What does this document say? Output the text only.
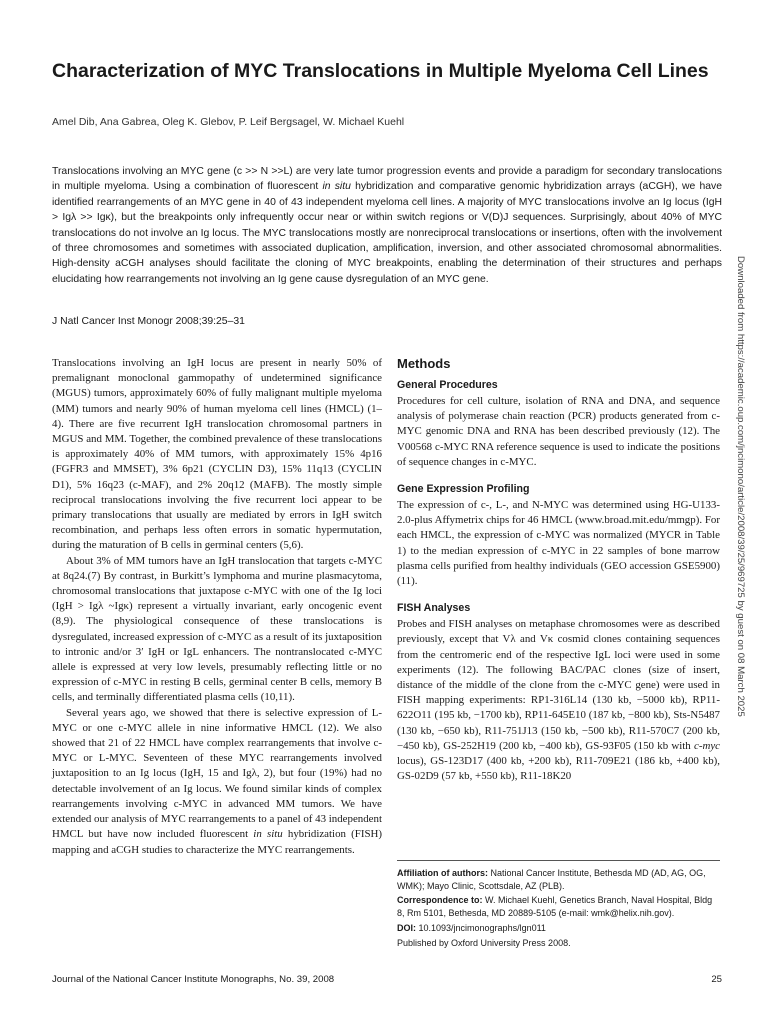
Characterization of MYC Translocations in Multiple Myeloma Cell Lines
Amel Dib, Ana Gabrea, Oleg K. Glebov, P. Leif Bergsagel, W. Michael Kuehl

Translocations involving an MYC gene (c >> N >>L) are very late tumor progression events and provide a paradigm for secondary translocations in multiple myeloma. Using a combination of fluorescent in situ hybridization and comparative genomic hybridization arrays (aCGH), we have identified rearrangements of an MYC gene in 40 of 43 independent myeloma cell lines. A majority of MYC translocations involve an Ig locus (IgH > Igλ >> Igκ), but the breakpoints only infrequently occur near or within switch regions or V(D)J sequences. Surprisingly, about 40% of MYC translocations do not involve an Ig locus. The MYC translocations mostly are nonreciprocal translocations or insertions, often with the involvement of three chromosomes and sometimes with associated duplication, amplification, inversion, and other associated chromosomal abnormalities. High-density aCGH analyses should facilitate the cloning of MYC breakpoints, enabling the determination of their structures and perhaps elucidating how rearrangements not involving an Ig gene cause dysregulation of an MYC gene.

J Natl Cancer Inst Monogr 2008;39:25–31

Translocations involving an IgH locus are present in nearly 50% of premalignant monoclonal gammopathy of undetermined significance (MGUS) tumors, approximately 60% of fully malignant multiple myeloma (MM) tumors and nearly 90% of human myeloma cell lines (HMCL) (1–4). There are five recurrent IgH translocation chromosomal partners in MGUS and MM. Together, the combined prevalence of these translocations is approximately 40% of MM tumors, with approximately 15% 4p16 (FGFR3 and MMSET), 3% 6p21 (CYCLIN D3), 15% 11q13 (CYCLIN D1), 5% 16q23 (c-MAF), and 2% 20q12 (MAFB). The mostly simple reciprocal translocations involving the five recurrent loci appear to be primary translocations that usually are mediated by errors in IgH switch recombination, and perhaps less often errors in somatic hypermutation, during the maturation of B cells in germinal centers (5,6).

About 3% of MM tumors have an IgH translocation that targets c-MYC at 8q24.(7) By contrast, in Burkitt’s lymphoma and murine plasmacytoma, chromosomal translocations that juxtapose c-MYC with one of the Ig loci (IgH > Igλ ~Igκ) represent a virtually invariant, early oncogenic event (8,9). The physiological consequence of these translocations is dysregulated, increased expression of c-MYC as a result of its juxtaposition to intronic and/or 3′ IgH or IgL enhancers. The nontranslocated c-MYC allele is expressed at very low levels, presumably reflecting little or no expression of c-MYC in resting B cells, germinal center B cells, memory B cells, and terminally differentiated plasma cells (10,11).

Several years ago, we showed that there is selective expression of L-MYC or one c-MYC allele in nine informative HMCL (12). We also showed that 21 of 22 HMCL have complex rearrangements that involve c-MYC or L-MYC. Seventeen of these MYC rearrangements involved juxtaposition to an Ig locus (IgH, 15 and Igλ, 2), but four (19%) had no detectable involvement of an Ig locus. We found similar kinds of complex rearrangements involving c-MYC in advanced MM tumors. We have extended our analysis of MYC rearrangements to a panel of 43 independent HMCL but have now included fluorescent in situ hybridization (FISH) mapping and aCGH studies to characterize the MYC rearrangements.

Methods
General Procedures

Procedures for cell culture, isolation of RNA and DNA, and sequence analysis of polymerase chain reaction (PCR) products generated from c-MYC genomic DNA and RNA has been described previously (12). The V00568 c-MYC RNA reference sequence is used to indicate the positions of sequence changes in c-MYC.

Gene Expression Profiling

The expression of c-, L-, and N-MYC was determined using HG-U133-2.0-plus Affymetrix chips for 46 HMCL (www.broad.mit.edu/mmgp). For each HMCL, the expression of c-MYC was normalized (MYCR in Table 1) to the median expression of c-MYC in 22 samples of bone marrow plasma cells purified from healthy individuals (GEO accession GSE5900) (11).

FISH Analyses

Probes and FISH analyses on metaphase chromosomes were as described previously, except that Vλ and Vκ cosmid clones containing sequences from the centromeric end of the respective IgL loci were used in some experiments (12). The following BAC/PAC clones (size of insert, distance of the middle of the clone from the c-MYC gene) were used in FISH mapping experiments: RP1-316L14 (130 kb, −5000 kb), RP11-622O11 (195 kb, −1700 kb), RP11-645E10 (187 kb, −800 kb), Sts-N5487 (130 kb, −650 kb), R11-751J13 (150 kb, −500 kb), R11-570C7 (200 kb, −450 kb), GS-252H19 (200 kb, −400 kb), GS-93F05 (150 kb with c-myc locus), GS-123D17 (400 kb, +200 kb), R11-709E21 (186 kb, +400 kb), GS-02D9 (57 kb, +550 kb), R11-18K20

Affiliation of authors: National Cancer Institute, Bethesda MD (AD, AG, OG, WMK); Mayo Clinic, Scottsdale, AZ (PLB).

Correspondence to: W. Michael Kuehl, Genetics Branch, Naval Hospital, Bldg 8, Rm 5101, Bethesda, MD 20889-5105 (e-mail: wmk@helix.nih.gov).

DOI: 10.1093/jncimonographs/lgn011

Published by Oxford University Press 2008.

Journal of the National Cancer Institute Monographs, No. 39, 2008	25
Downloaded from https://academic.oup.com/jncimono/article/2008/39/25/969725 by guest on 08 March 2025
